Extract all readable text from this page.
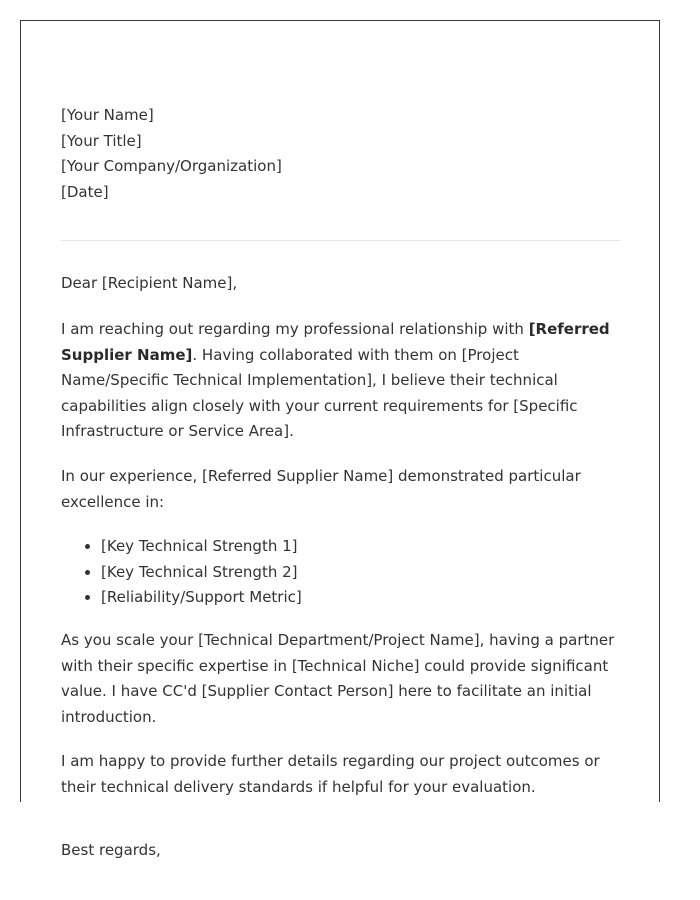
[Your Name]
[Your Title]
[Your Company/Organization]
[Date]

Dear [Recipient Name],

I am reaching out regarding my professional relationship with [Referred Supplier Name]. Having collaborated with them on [Project Name/Specific Technical Implementation], I believe their technical capabilities align closely with your current requirements for [Specific Infrastructure or Service Area].

In our experience, [Referred Supplier Name] demonstrated particular excellence in:

• [Key Technical Strength 1]
• [Key Technical Strength 2]
• [Reliability/Support Metric]

As you scale your [Technical Department/Project Name], having a partner with their specific expertise in [Technical Niche] could provide significant value. I have CC'd [Supplier Contact Person] here to facilitate an initial introduction.

I am happy to provide further details regarding our project outcomes or their technical delivery standards if helpful for your evaluation.

Best regards,
